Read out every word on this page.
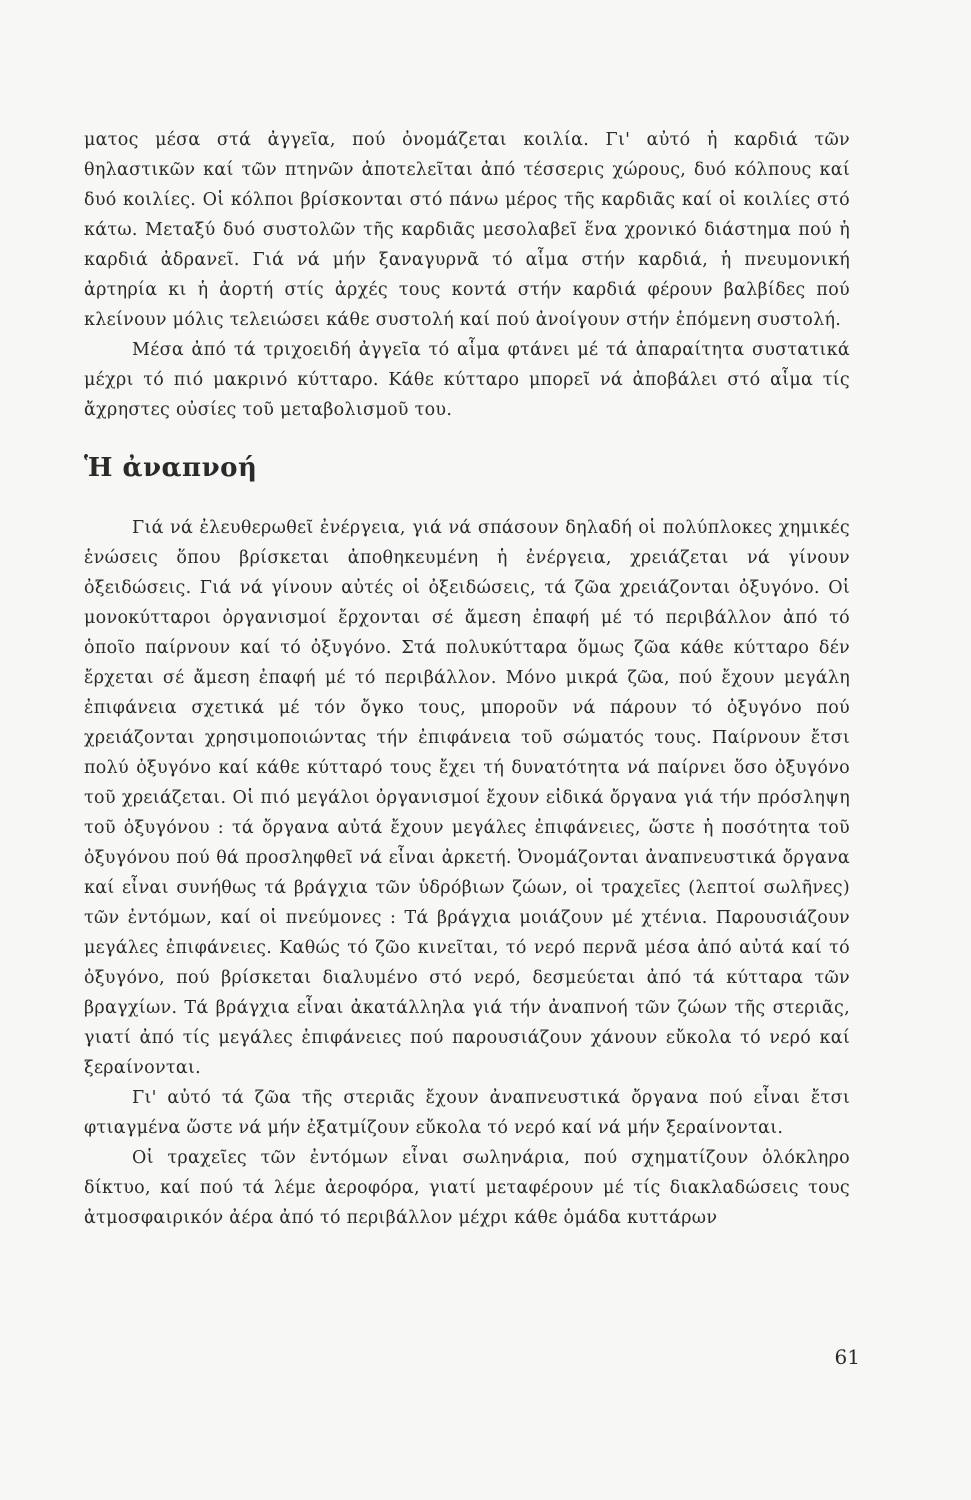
ματος μέσα στά ἀγγεῖα, πού ὀνομάζεται κοιλία. Γι' αὐτό ἡ καρδιά τῶν θηλαστικῶν καί τῶν πτηνῶν ἀποτελεῖται ἀπό τέσσερις χώρους, δυό κόλπους καί δυό κοιλίες. Οἱ κόλποι βρίσκονται στό πάνω μέρος τῆς καρδιᾶς καί οἱ κοιλίες στό κάτω. Μεταξύ δυό συστολῶν τῆς καρδιᾶς μεσολαβεῖ ἕνα χρονικό διάστημα πού ἡ καρδιά ἀδρανεῖ. Γιά νά μήν ξαναγυρνᾶ τό αἷμα στήν καρδιά, ἡ πνευμονική ἀρτηρία κι ἡ ἀορτή στίς ἀρχές τους κοντά στήν καρδιά φέρουν βαλβίδες πού κλείνουν μόλις τελειώσει κάθε συστολή καί πού ἀνοίγουν στήν ἑπόμενη συστολή.

Μέσα ἀπό τά τριχοειδή ἀγγεῖα τό αἷμα φτάνει μέ τά ἀπαραίτητα συστατικά μέχρι τό πιό μακρινό κύτταρο. Κάθε κύτταρο μπορεῖ νά ἀποβάλει στό αἷμα τίς ἄχρηστες οὐσίες τοῦ μεταβολισμοῦ του.

Ἡ ἀναπνοή

Γιά νά ἐλευθερωθεῖ ἐνέργεια, γιά νά σπάσουν δηλαδή οἱ πολύπλοκες χημικές ἑνώσεις ὅπου βρίσκεται ἀποθηκευμένη ἡ ἐνέργεια, χρειάζεται νά γίνουν ὀξειδώσεις. Γιά νά γίνουν αὐτές οἱ ὀξειδώσεις, τά ζῶα χρειάζονται ὀξυγόνο. Οἱ μονοκύτταροι ὀργανισμοί ἔρχονται σέ ἄμεση ἐπαφή μέ τό περιβάλλον ἀπό τό ὁποῖο παίρνουν καί τό ὀξυγόνο. Στά πολυκύτταρα ὅμως ζῶα κάθε κύτταρο δέν ἔρχεται σέ ἄμεση ἐπαφή μέ τό περιβάλλον. Μόνο μικρά ζῶα, πού ἔχουν μεγάλη ἐπιφάνεια σχετικά μέ τόν ὄγκο τους, μποροῦν νά πάρουν τό ὀξυγόνο πού χρειάζονται χρησιμοποιώντας τήν ἐπιφάνεια τοῦ σώματός τους. Παίρνουν ἔτσι πολύ ὀξυγόνο καί κάθε κύτταρό τους ἔχει τή δυνατότητα νά παίρνει ὅσο ὀξυγόνο τοῦ χρειάζεται. Οἱ πιό μεγάλοι ὀργανισμοί ἔχουν εἰδικά ὄργανα γιά τήν πρόσληψη τοῦ ὀξυγόνου : τά ὄργανα αὐτά ἔχουν μεγάλες ἐπιφάνειες, ὥστε ἡ ποσότητα τοῦ ὀξυγόνου πού θά προσληφθεῖ νά εἶναι ἀρκετή. Ὀνομάζονται ἀναπνευστικά ὄργανα καί εἶναι συνήθως τά βράγχια τῶν ὑδρόβιων ζώων, οἱ τραχεῖες (λεπτοί σωλῆνες) τῶν ἐντόμων, καί οἱ πνεύμονες : Τά βράγχια μοιάζουν μέ χτένια. Παρουσιάζουν μεγάλες ἐπιφάνειες. Καθώς τό ζῶο κινεῖται, τό νερό περνᾶ μέσα ἀπό αὐτά καί τό ὀξυγόνο, πού βρίσκεται διαλυμένο στό νερό, δεσμεύεται ἀπό τά κύτταρα τῶν βραγχίων. Τά βράγχια εἶναι ἀκατάλληλα γιά τήν ἀναπνοή τῶν ζώων τῆς στεριᾶς, γιατί ἀπό τίς μεγάλες ἐπιφάνειες πού παρουσιάζουν χάνουν εὔκολα τό νερό καί ξεραίνονται.

Γι' αὐτό τά ζῶα τῆς στεριᾶς ἔχουν ἀναπνευστικά ὄργανα πού εἶναι ἔτσι φτιαγμένα ὥστε νά μήν ἐξατμίζουν εὔκολα τό νερό καί νά μήν ξεραίνονται.

Οἱ τραχεῖες τῶν ἐντόμων εἶναι σωληνάρια, πού σχηματίζουν ὁλόκληρο δίκτυο, καί πού τά λέμε ἀεροφόρα, γιατί μεταφέρουν μέ τίς διακλαδώσεις τους ἀτμοσφαιρικόν ἀέρα ἀπό τό περιβάλλον μέχρι κάθε ὁμάδα κυττάρων

61
